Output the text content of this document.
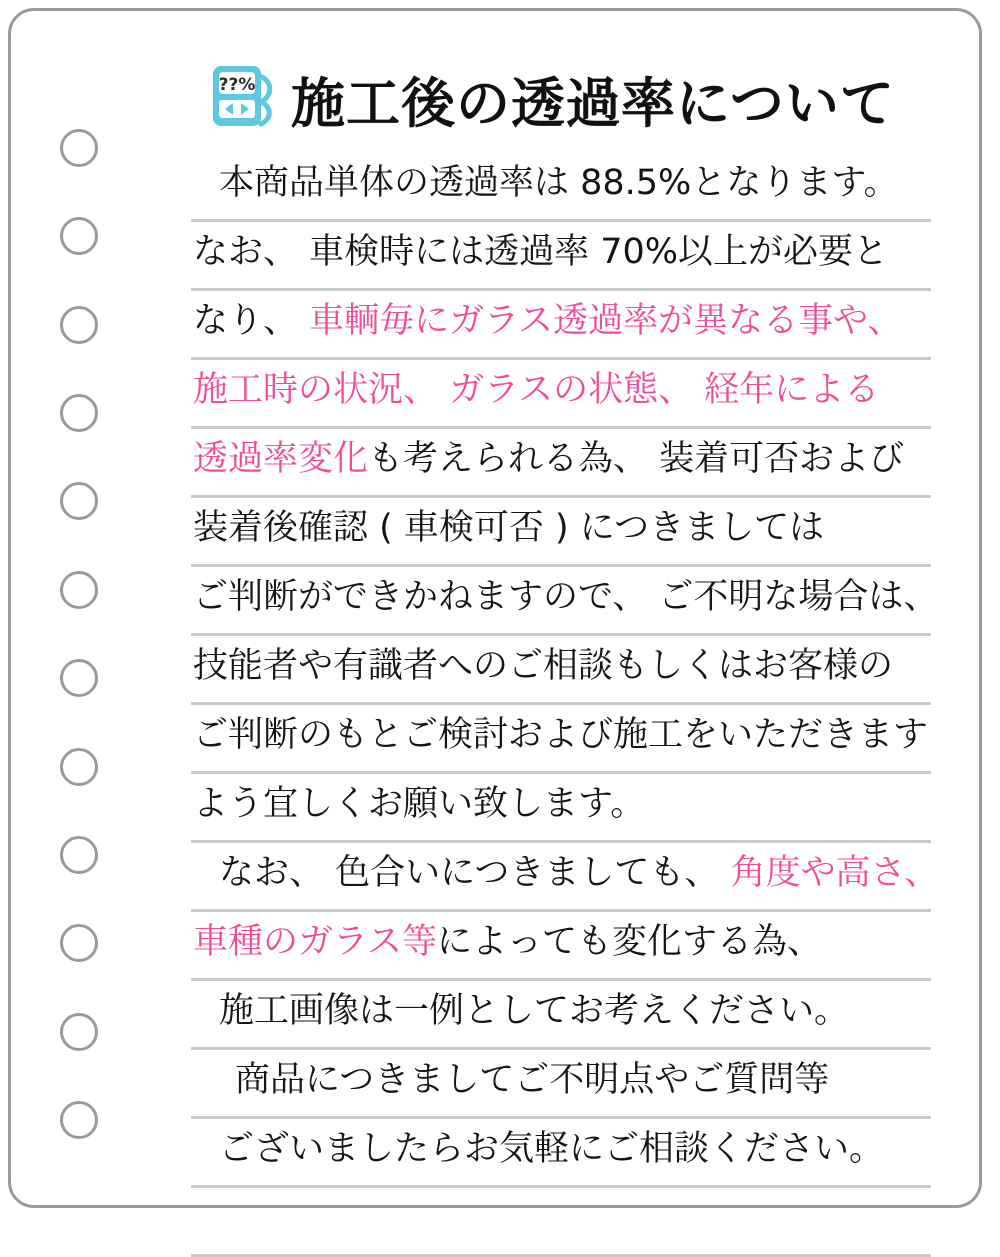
??% 施工後の透過率について
本商品単体の透過率は 88.5%となります。
なお、 車検時には透過率 70%以上が必要と
なり、 車輌毎にガラス透過率が異なる事や、
施工時の状況、 ガラスの状態、 経年による
透過率変化も考えられる為、 装着可否および
装着後確認 ( 車検可否 ) につきましては
ご判断ができかねますので、 ご不明な場合は、
技能者や有識者へのご相談もしくはお客様の
ご判断のもとご検討および施工をいただきます
よう宜しくお願い致します。
なお、 色合いにつきましても、 角度や高さ、
車種のガラス等によっても変化する為、
施工画像は一例としてお考えください。
商品につきましてご不明点やご質問等
ございましたらお気軽にご相談ください。
